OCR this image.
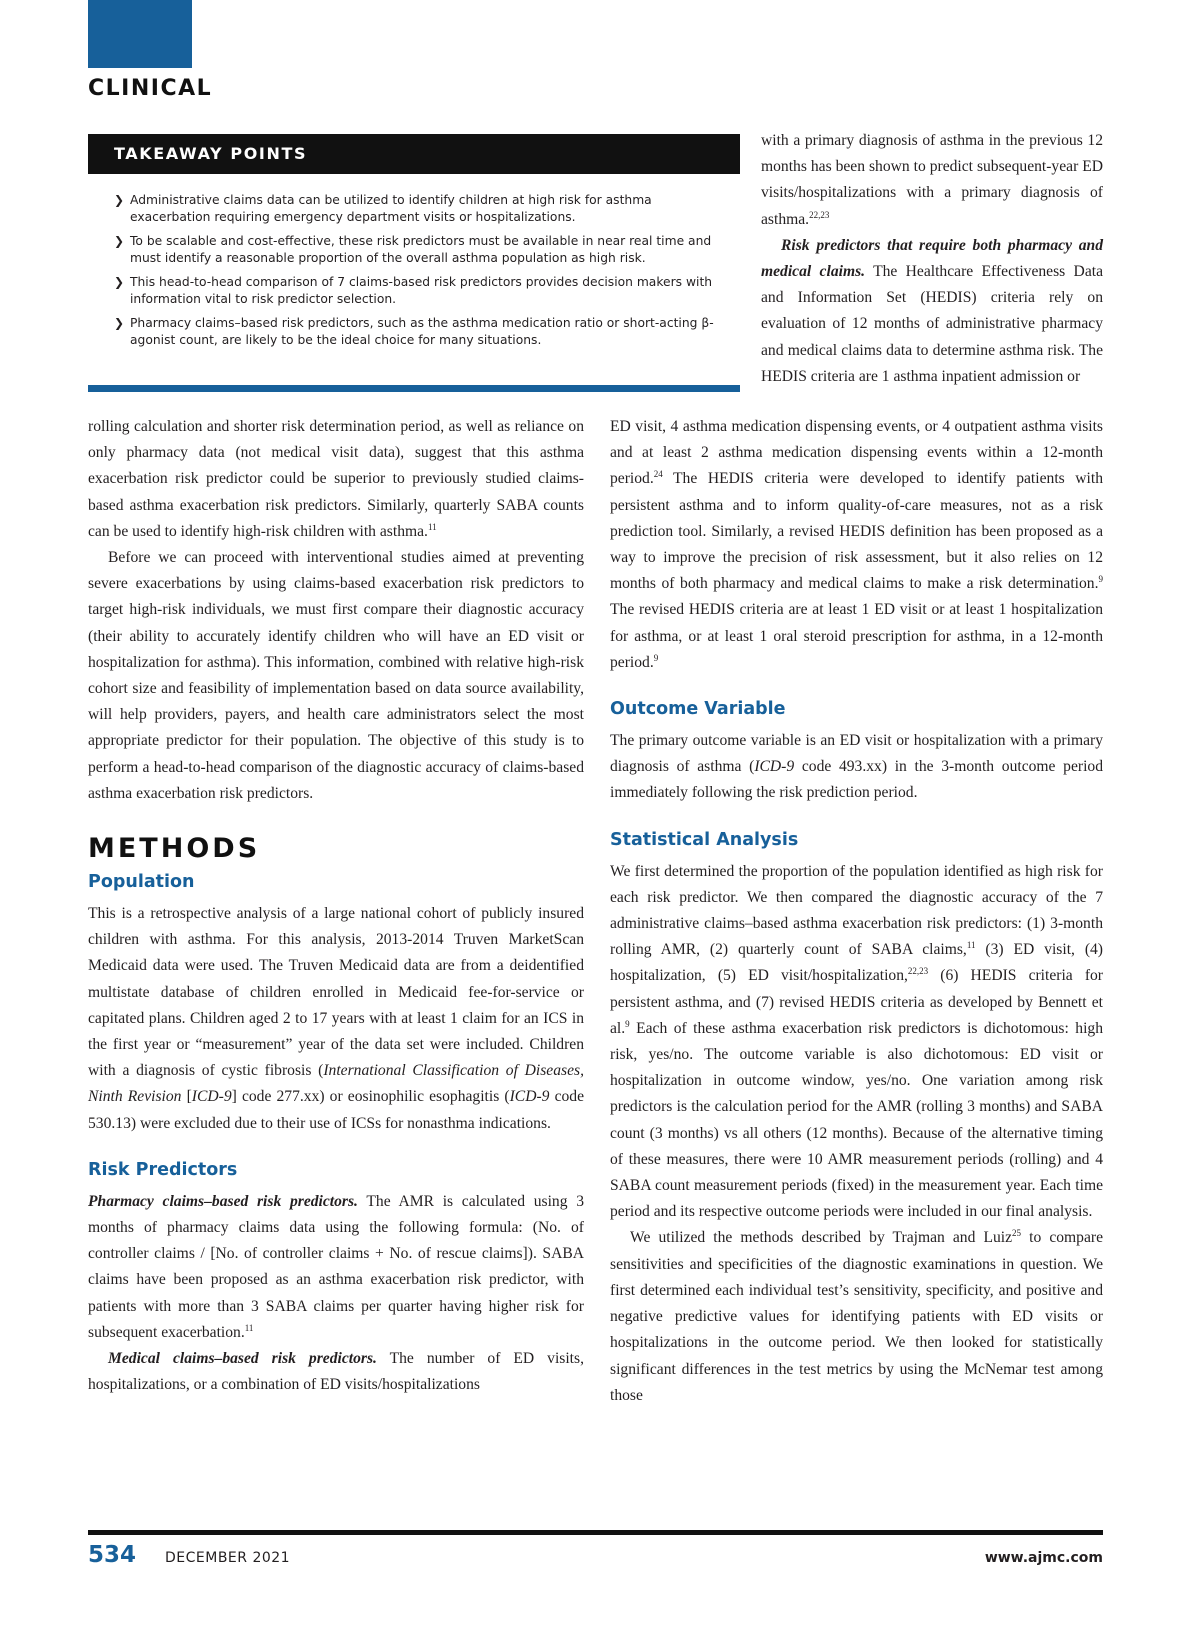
CLINICAL
TAKEAWAY POINTS
❯ Administrative claims data can be utilized to identify children at high risk for asthma exacerbation requiring emergency department visits or hospitalizations.
❯ To be scalable and cost-effective, these risk predictors must be available in near real time and must identify a reasonable proportion of the overall asthma population as high risk.
❯ This head-to-head comparison of 7 claims-based risk predictors provides decision makers with information vital to risk predictor selection.
❯ Pharmacy claims–based risk predictors, such as the asthma medication ratio or short-acting β-agonist count, are likely to be the ideal choice for many situations.

with a primary diagnosis of asthma in the previous 12 months has been shown to predict subsequent-year ED visits/hospitalizations with a primary diagnosis of asthma.$^{22,23}$

Risk predictors that require both pharmacy and medical claims. The Healthcare Effectiveness Data and Information Set (HEDIS) criteria rely on evaluation of 12 months of administrative pharmacy and medical claims data to determine asthma risk. The HEDIS criteria are 1 asthma inpatient admission or

rolling calculation and shorter risk determination period, as well as reliance on only pharmacy data (not medical visit data), suggest that this asthma exacerbation risk predictor could be superior to previously studied claims-based asthma exacerbation risk predictors. Similarly, quarterly SABA counts can be used to identify high-risk children with asthma.$^{11}$

Before we can proceed with interventional studies aimed at preventing severe exacerbations by using claims-based exacerbation risk predictors to target high-risk individuals, we must first compare their diagnostic accuracy (their ability to accurately identify children who will have an ED visit or hospitalization for asthma). This information, combined with relative high-risk cohort size and feasibility of implementation based on data source availability, will help providers, payers, and health care administrators select the most appropriate predictor for their population. The objective of this study is to perform a head-to-head comparison of the diagnostic accuracy of claims-based asthma exacerbation risk predictors.

METHODS
Population

This is a retrospective analysis of a large national cohort of publicly insured children with asthma. For this analysis, 2013-2014 Truven MarketScan Medicaid data were used. The Truven Medicaid data are from a deidentified multistate database of children enrolled in Medicaid fee-for-service or capitated plans. Children aged 2 to 17 years with at least 1 claim for an ICS in the first year or “measurement” year of the data set were included. Children with a diagnosis of cystic fibrosis (International Classification of Diseases, Ninth Revision [ICD-9] code 277.xx) or eosinophilic esophagitis (ICD-9 code 530.13) were excluded due to their use of ICSs for nonasthma indications.

Risk Predictors

Pharmacy claims–based risk predictors. The AMR is calculated using 3 months of pharmacy claims data using the following formula: (No. of controller claims / [No. of controller claims + No. of rescue claims]). SABA claims have been proposed as an asthma exacerbation risk predictor, with patients with more than 3 SABA claims per quarter having higher risk for subsequent exacerbation.$^{11}$

Medical claims–based risk predictors. The number of ED visits, hospitalizations, or a combination of ED visits/hospitalizations

ED visit, 4 asthma medication dispensing events, or 4 outpatient asthma visits and at least 2 asthma medication dispensing events within a 12-month period.$^{24}$ The HEDIS criteria were developed to identify patients with persistent asthma and to inform quality-of-care measures, not as a risk prediction tool. Similarly, a revised HEDIS definition has been proposed as a way to improve the precision of risk assessment, but it also relies on 12 months of both pharmacy and medical claims to make a risk determination.$^9$ The revised HEDIS criteria are at least 1 ED visit or at least 1 hospitalization for asthma, or at least 1 oral steroid prescription for asthma, in a 12-month period.$^9$

Outcome Variable

The primary outcome variable is an ED visit or hospitalization with a primary diagnosis of asthma (ICD-9 code 493.xx) in the 3-month outcome period immediately following the risk prediction period.

Statistical Analysis

We first determined the proportion of the population identified as high risk for each risk predictor. We then compared the diagnostic accuracy of the 7 administrative claims–based asthma exacerbation risk predictors: (1) 3-month rolling AMR, (2) quarterly count of SABA claims,$^{11}$ (3) ED visit, (4) hospitalization, (5) ED visit/hospitalization,$^{22,23}$ (6) HEDIS criteria for persistent asthma, and (7) revised HEDIS criteria as developed by Bennett et al.$^9$ Each of these asthma exacerbation risk predictors is dichotomous: high risk, yes/no. The outcome variable is also dichotomous: ED visit or hospitalization in outcome window, yes/no. One variation among risk predictors is the calculation period for the AMR (rolling 3 months) and SABA count (3 months) vs all others (12 months). Because of the alternative timing of these measures, there were 10 AMR measurement periods (rolling) and 4 SABA count measurement periods (fixed) in the measurement year. Each time period and its respective outcome periods were included in our final analysis.

We utilized the methods described by Trajman and Luiz$^{25}$ to compare sensitivities and specificities of the diagnostic examinations in question. We first determined each individual test’s sensitivity, specificity, and positive and negative predictive values for identifying patients with ED visits or hospitalizations in the outcome period. We then looked for statistically significant differences in the test metrics by using the McNemar test among those

534 DECEMBER 2021	www.ajmc.com
